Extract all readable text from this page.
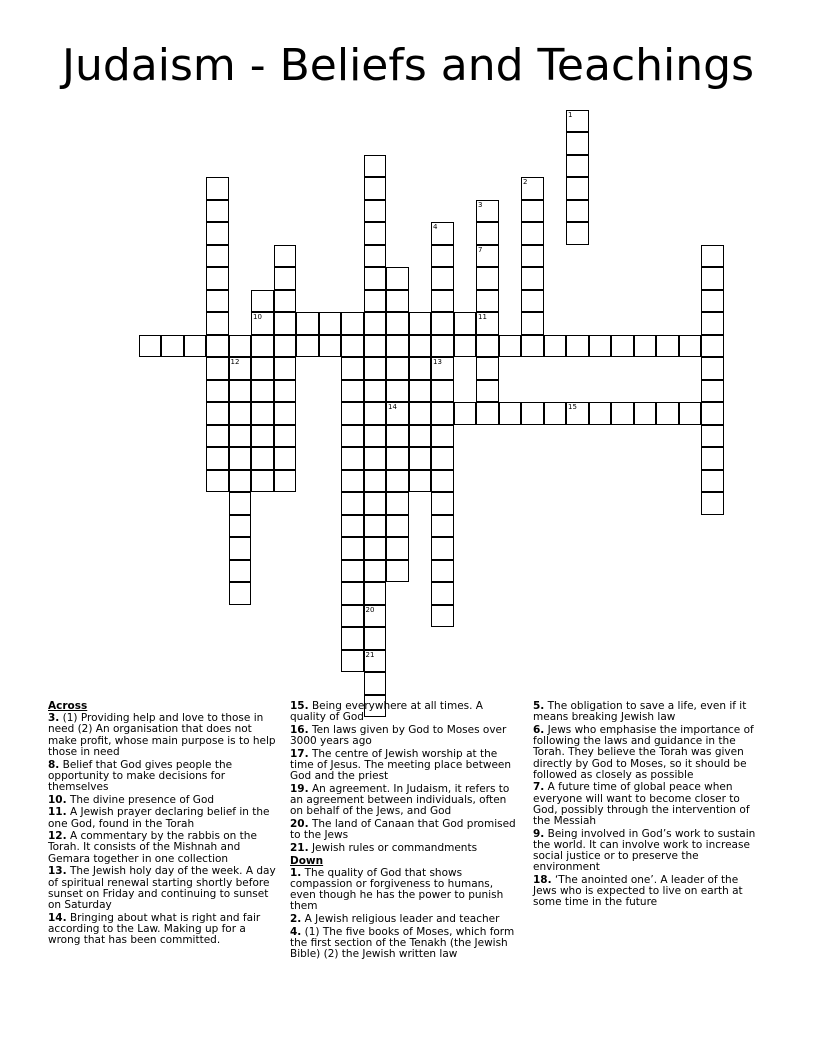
Judaism - Beliefs and Teachings
1
2
3
7
11
4
13
14
10
12
20
21
15
Across
3. (1) Providing help and love to those in need (2) An organisation that does not make profit, whose main purpose is to help those in need
8. Belief that God gives people the opportunity to make decisions for themselves
10. The divine presence of God
11. A Jewish prayer declaring belief in the one God, found in the Torah
12. A commentary by the rabbis on the Torah. It consists of the Mishnah and Gemara together in one collection
13. The Jewish holy day of the week. A day of spiritual renewal starting shortly before sunset on Friday and continuing to sunset on Saturday
14. Bringing about what is right and fair according to the Law. Making up for a wrong that has been committed.
15. Being everywhere at all times. A quality of God
16. Ten laws given by God to Moses over 3000 years ago
17. The centre of Jewish worship at the time of Jesus. The meeting place between God and the priest
19. An agreement. In Judaism, it refers to an agreement between individuals, often on behalf of the Jews, and God
20. The land of Canaan that God promised to the Jews
21. Jewish rules or commandments
Down
1. The quality of God that shows compassion or forgiveness to humans, even though he has the power to punish them
2. A Jewish religious leader and teacher
4. (1) The five books of Moses, which form the first section of the Tenakh (the Jewish Bible) (2) the Jewish written law
5. The obligation to save a life, even if it means breaking Jewish law
6. Jews who emphasise the importance of following the laws and guidance in the Torah. They believe the Torah was given directly by God to Moses, so it should be followed as closely as possible
7. A future time of global peace when everyone will want to become closer to God, possibly through the intervention of the Messiah
9. Being involved in God’s work to sustain the world. It can involve work to increase social justice or to preserve the environment
18. ‘The anointed one’. A leader of the Jews who is expected to live on earth at some time in the future
